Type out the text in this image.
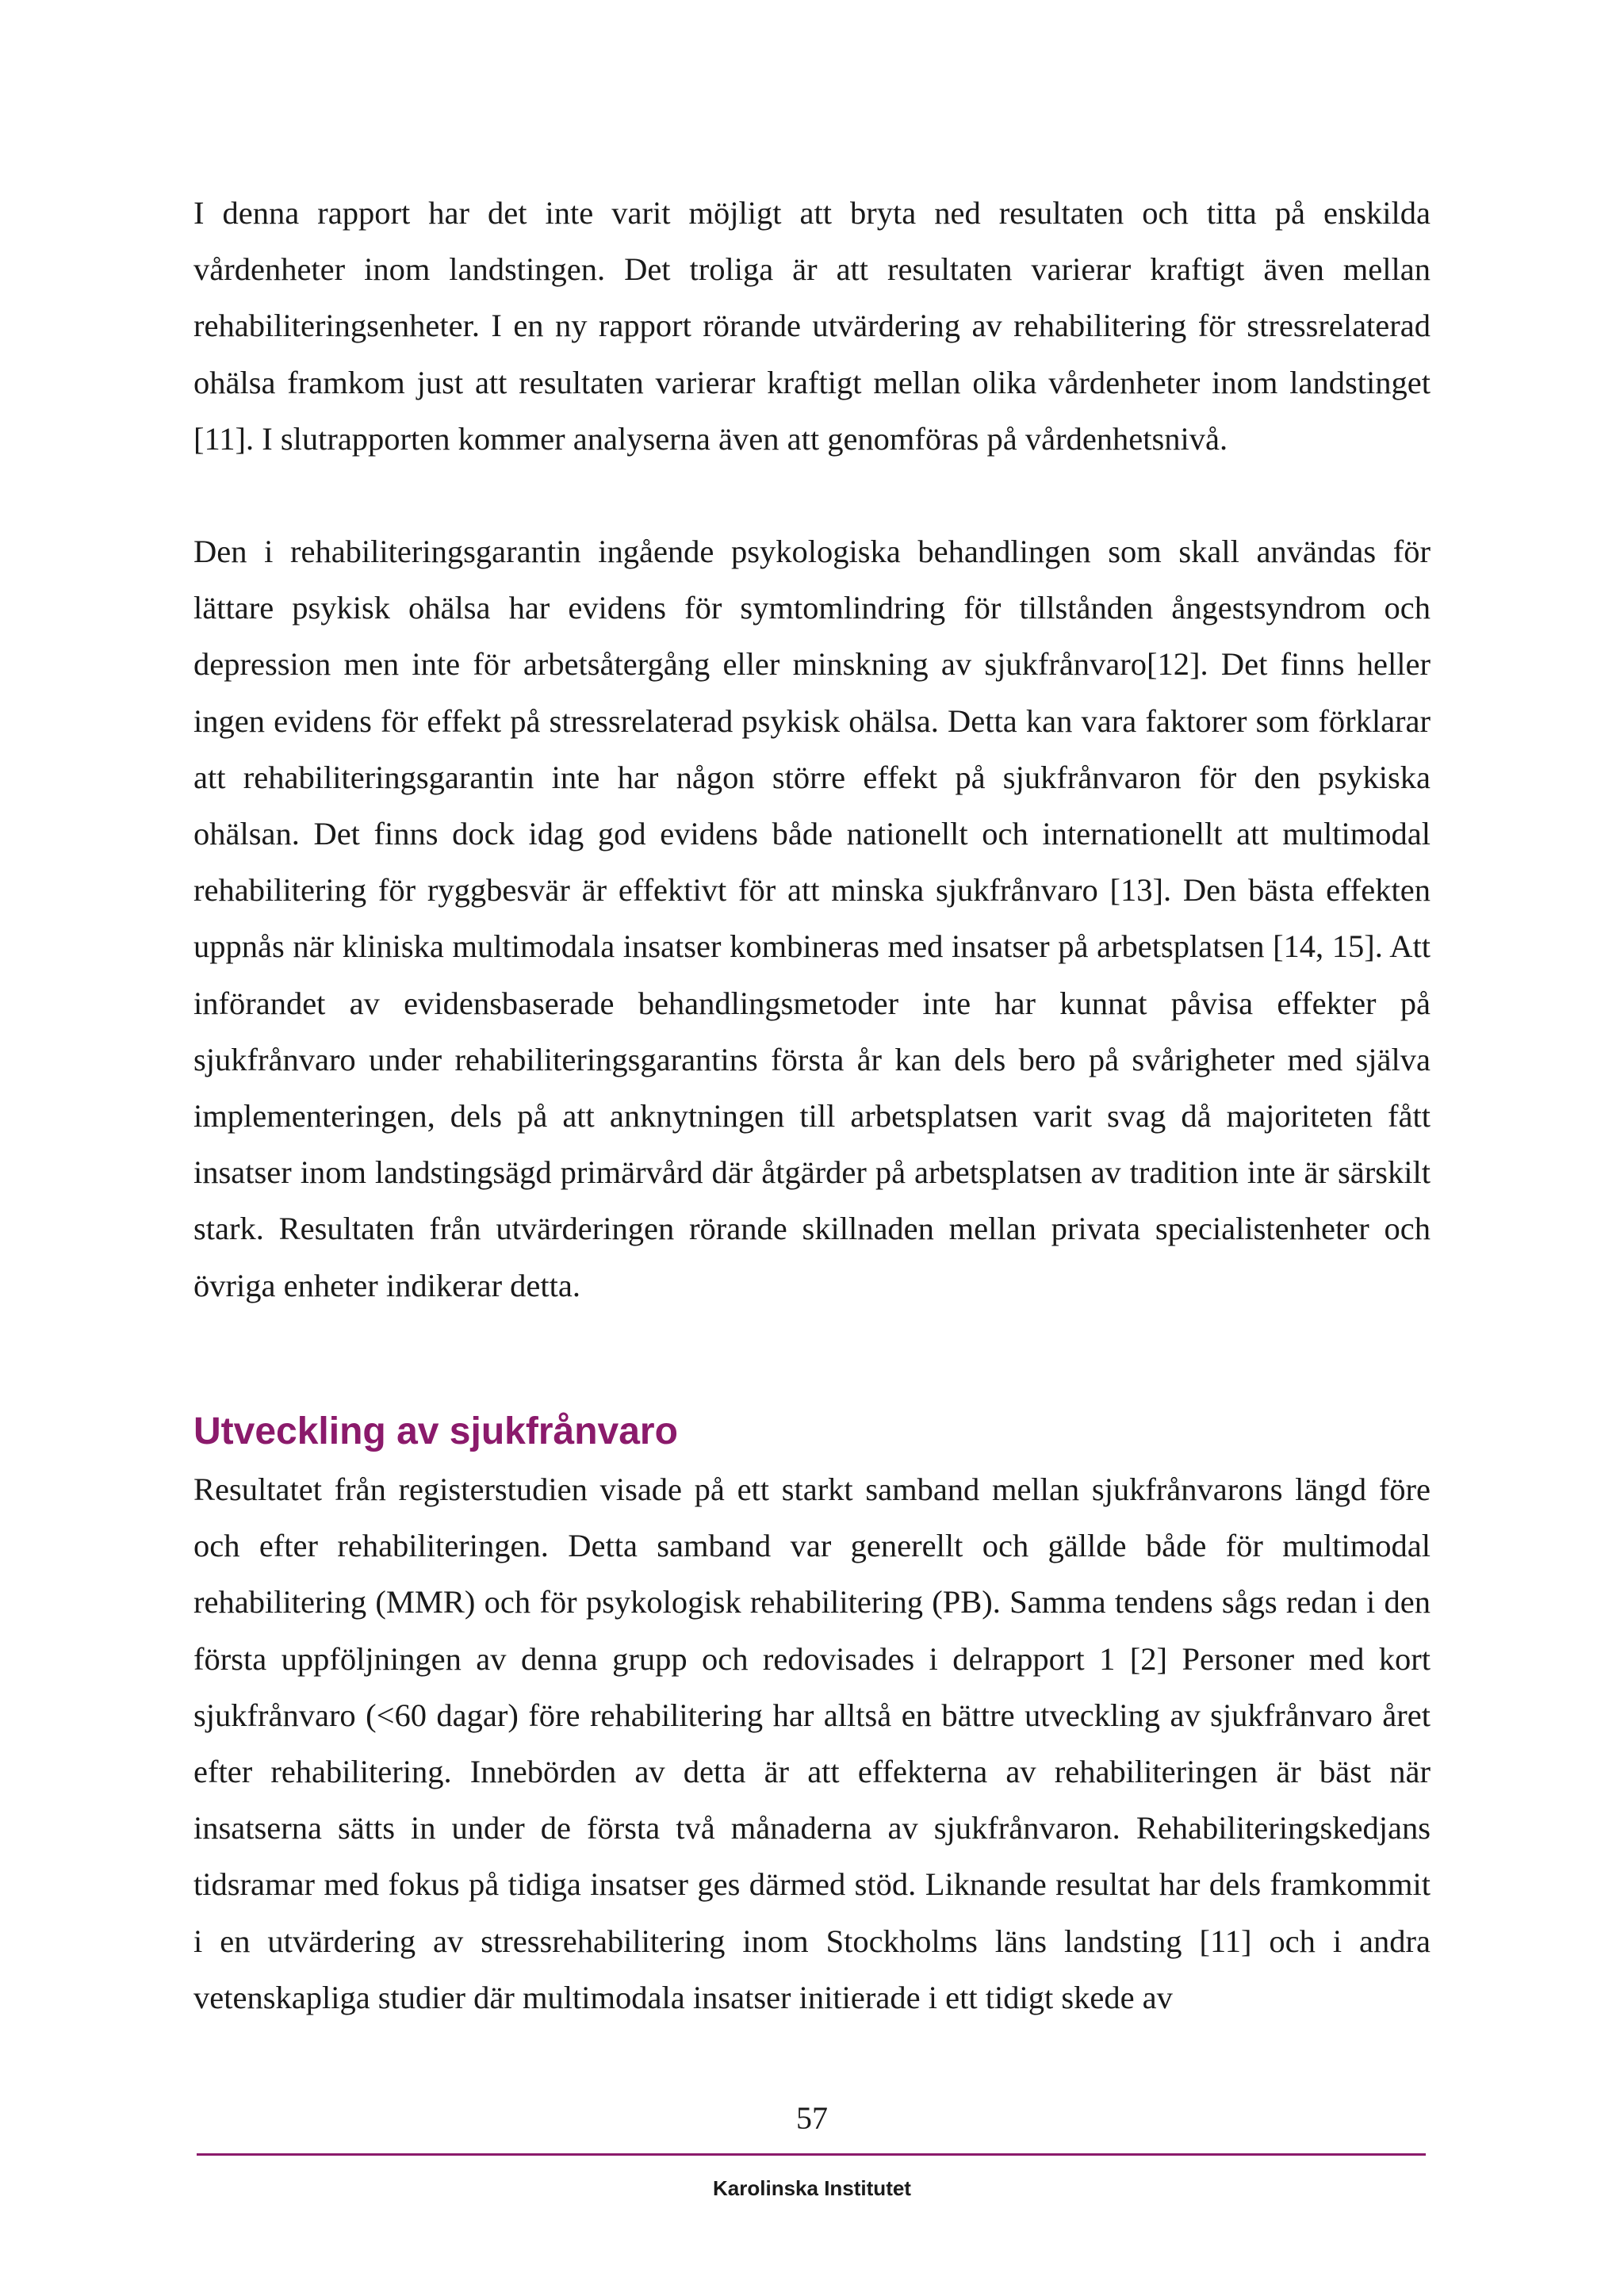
I denna rapport har det inte varit möjligt att bryta ned resultaten och titta på enskilda vårdenheter inom landstingen. Det troliga är att resultaten varierar kraftigt även mellan rehabiliteringsenheter. I en ny rapport rörande utvärdering av rehabilitering för stressrelaterad ohälsa framkom just att resultaten varierar kraftigt mellan olika vårdenheter inom landstinget [11]. I slutrapporten kommer analyserna även att genomföras på vårdenhetsnivå.

Den i rehabiliteringsgarantin ingående psykologiska behandlingen som skall användas för lättare psykisk ohälsa har evidens för symtomlindring för tillstånden ångestsyndrom och depression men inte för arbetsåtergång eller minskning av sjukfrånvaro[12]. Det finns heller ingen evidens för effekt på stressrelaterad psykisk ohälsa. Detta kan vara faktorer som förklarar att rehabiliteringsgarantin inte har någon större effekt på sjukfrånvaron för den psykiska ohälsan. Det finns dock idag god evidens både nationellt och internationellt att multimodal rehabilitering för ryggbesvär är effektivt för att minska sjukfrånvaro [13]. Den bästa effekten uppnås när kliniska multimodala insatser kombineras med insatser på arbetsplatsen [14, 15]. Att införandet av evidensbaserade behandlingsmetoder inte har kunnat påvisa effekter på sjukfrånvaro under rehabiliteringsgarantins första år kan dels bero på svårigheter med själva implementeringen, dels på att anknytningen till arbetsplatsen varit svag då majoriteten fått insatser inom landstingsägd primärvård där åtgärder på arbetsplatsen av tradition inte är särskilt stark. Resultaten från utvärderingen rörande skillnaden mellan privata specialistenheter och övriga enheter indikerar detta.

Utveckling av sjukfrånvaro

Resultatet från registerstudien visade på ett starkt samband mellan sjukfrånvarons längd före och efter rehabiliteringen. Detta samband var generellt och gällde både för multimodal rehabilitering (MMR) och för psykologisk rehabilitering (PB). Samma tendens sågs redan i den första uppföljningen av denna grupp och redovisades i delrapport 1 [2] Personer med kort sjukfrånvaro (<60 dagar) före rehabilitering har alltså en bättre utveckling av sjukfrånvaro året efter rehabilitering. Innebörden av detta är att effekterna av rehabiliteringen är bäst när insatserna sätts in under de första två månaderna av sjukfrånvaron. Rehabiliteringskedjans tidsramar med fokus på tidiga insatser ges därmed stöd. Liknande resultat har dels framkommit i en utvärdering av stressrehabilitering inom Stockholms läns landsting [11] och i andra vetenskapliga studier där multimodala insatser initierade i ett tidigt skede av

57
Karolinska Institutet
